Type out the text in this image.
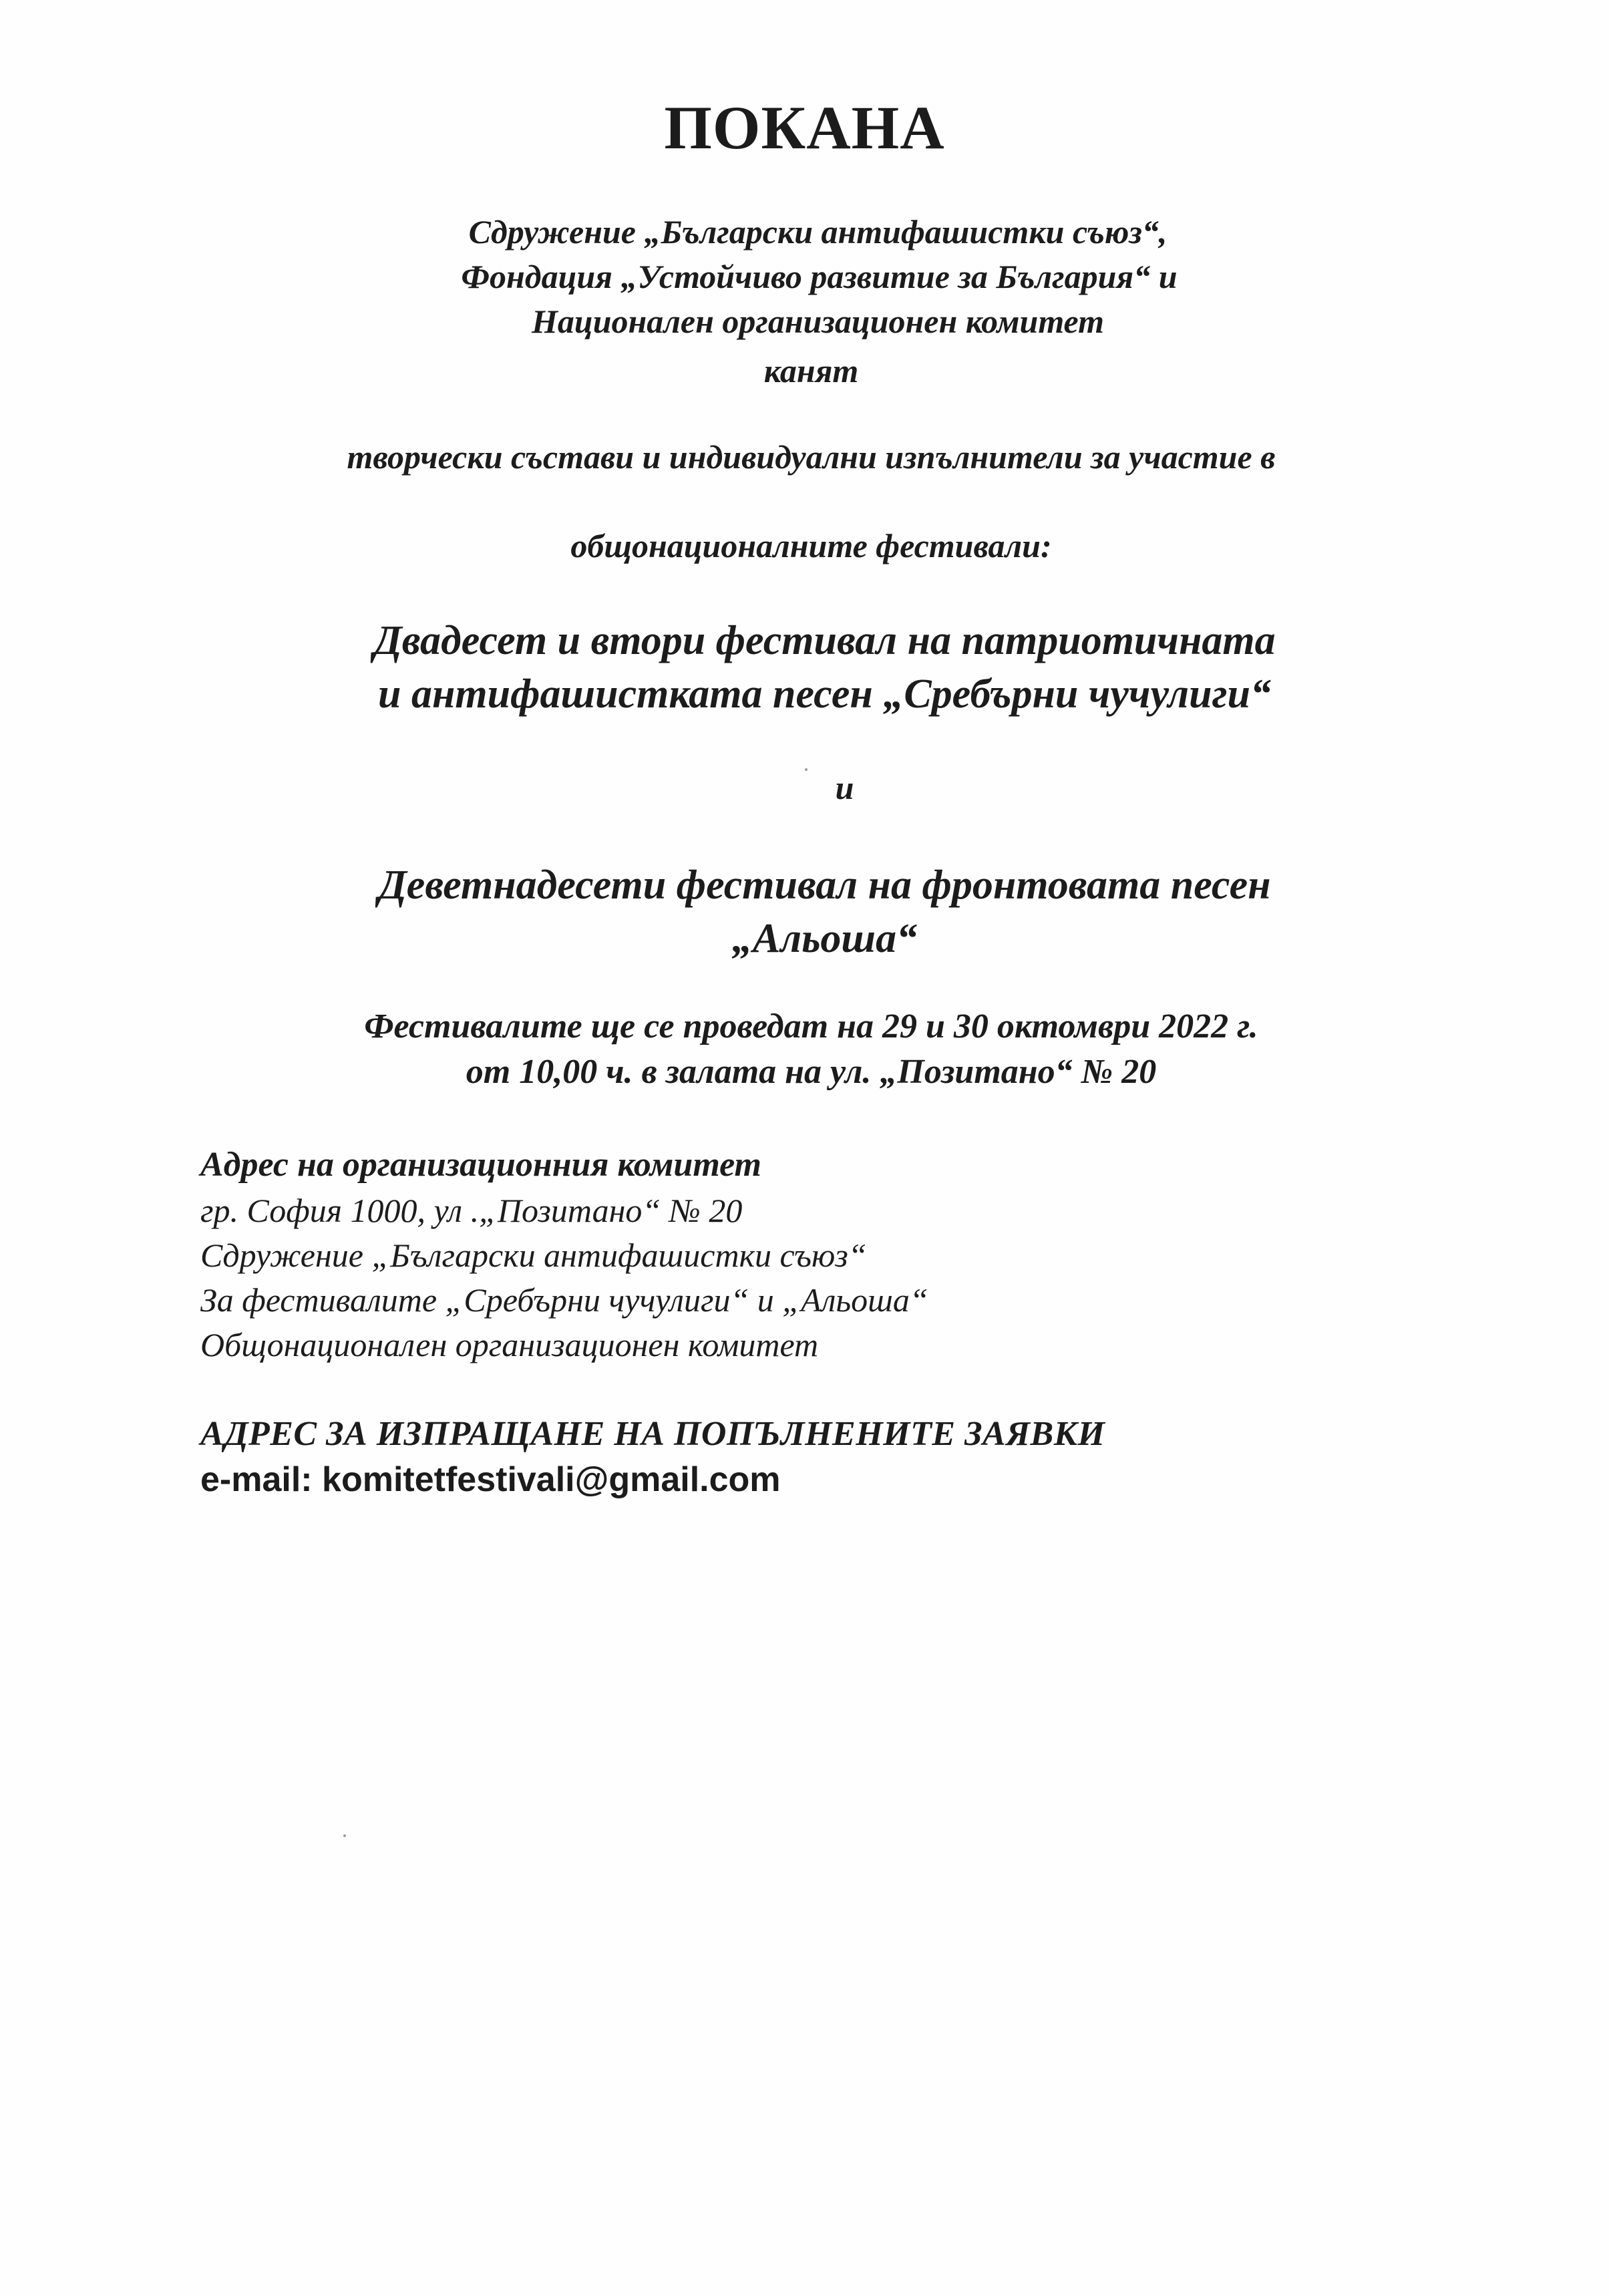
ПОКАНА
Сдружение „Български антифашистки съюз“,
Фондация „Устойчиво развитие за България“ и
Национален организационен комитет
канят
творчески състави и индивидуални изпълнители за участие в
общонационалните фестивали:
Двадесет и втори фестивал на патриотичната
и антифашистката песен „Сребърни чучулиги“
и
Деветнадесети фестивал на фронтовата песен
„Альоша“
Фестивалите ще се проведат на 29 и 30 октомври 2022 г.
от 10,00 ч. в залата на ул. „Позитано“ № 20
Адрес на организационния комитет
гр. София 1000, ул .„Позитано“ № 20
Сдружение „Български антифашистки съюз“
За фестивалите „Сребърни чучулиги“ и „Альоша“
Общонационален организационен комитет
АДРЕС ЗА ИЗПРАЩАНЕ НА ПОПЪЛНЕНИТЕ ЗАЯВКИ
e-mail: komitetfestivali@gmail.com
